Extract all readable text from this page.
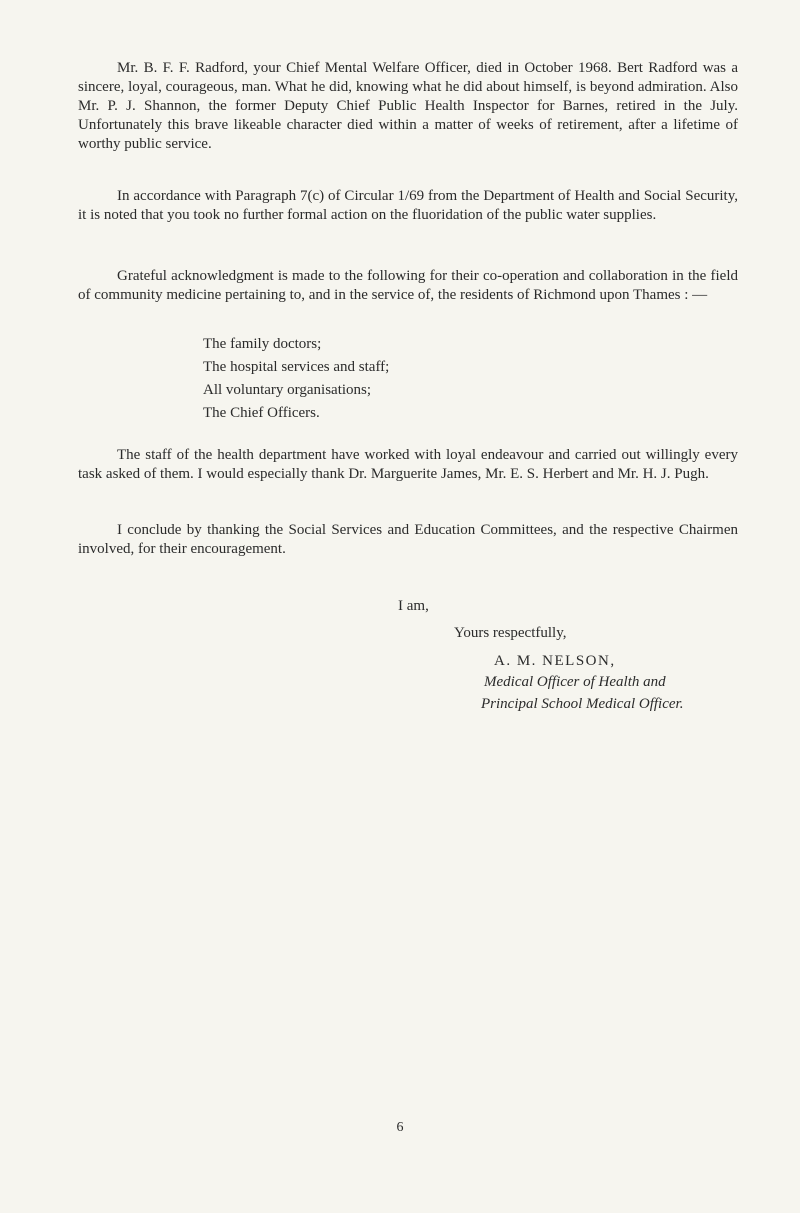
Mr. B. F. F. Radford, your Chief Mental Welfare Officer, died in October 1968. Bert Radford was a sincere, loyal, courageous, man. What he did, knowing what he did about himself, is beyond admiration. Also Mr. P. J. Shannon, the former Deputy Chief Public Health Inspector for Barnes, retired in the July. Unfortunately this brave likeable character died within a matter of weeks of retirement, after a lifetime of worthy public service.

In accordance with Paragraph 7(c) of Circular 1/69 from the Department of Health and Social Security, it is noted that you took no further formal action on the fluoridation of the public water supplies.

Grateful acknowledgment is made to the following for their co-operation and collaboration in the field of community medicine pertaining to, and in the service of, the residents of Richmond upon Thames : —

The family doctors;
The hospital services and staff;
All voluntary organisations;
The Chief Officers.

The staff of the health department have worked with loyal endeavour and carried out willingly every task asked of them. I would especially thank Dr. Marguerite James, Mr. E. S. Herbert and Mr. H. J. Pugh.

I conclude by thanking the Social Services and Education Committees, and the respective Chairmen involved, for their encouragement.

I am,
Yours respectfully,
A. M. NELSON,
Medical Officer of Health and
Principal School Medical Officer.
6
